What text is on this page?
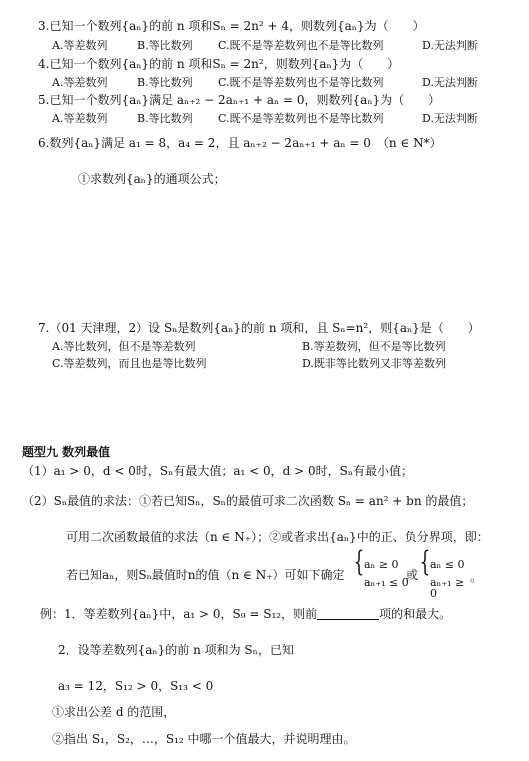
3.已知一个数列{aₙ}的前 n 项和Sₙ = 2n² + 4，则数列{aₙ}为（　　）
A.等差数列	B.等比数列 C.既不是等差数列也不是等比数列	D.无法判断
4.已知一个数列{aₙ}的前 n 项和Sₙ = 2n²，则数列{aₙ}为（　　）
A.等差数列	B.等比数列 C.既不是等差数列也不是等比数列	D.无法判断
5.已知一个数列{aₙ}满足 aₙ₊₂ − 2aₙ₊₁ + aₙ = 0，则数列{aₙ}为（　　）
A.等差数列	B.等比数列 C.既不是等差数列也不是等比数列	D.无法判断
6.数列{aₙ}满足 a₁ = 8，a₄ = 2，且 aₙ₊₂ − 2aₙ₊₁ + aₙ = 0　（n ∈ N*）
①求数列{aₙ}的通项公式；
7.（01 天津理，2）设 Sₙ是数列{aₙ}的前 n 项和，且 Sₙ=n²，则{aₙ}是（　　）
A.等比数列，但不是等差数列	B.等差数列，但不是等比数列
C.等差数列，而且也是等比数列	D.既非等比数列又非等差数列
题型九 数列最值
（1）a₁ > 0，d < 0时，Sₙ有最大值；a₁ < 0，d > 0时，Sₙ有最小值；
（2）Sₙ最值的求法：①若已知Sₙ，Sₙ的最值可求二次函数 Sₙ = an² + bn 的最值；
可用二次函数最值的求法（n ∈ N₊）；②或者求出{aₙ}中的正、负分界项，即：
若已知aₙ，则Sₙ最值时n的值（n ∈ N₊）可如下确定 { aₙ ≥ 0
aₙ₊₁ ≤ 0
或 { aₙ ≤ 0
aₙ₊₁ ≥ 0
。
例：1．等差数列{aₙ}中，a₁ > 0，S₉ = S₁₂，则前	项的和最大。
2．设等差数列{aₙ}的前 n 项和为 Sₙ，已知
a₃ = 12，S₁₂ > 0，S₁₃ < 0
①求出公差 d 的范围，
②指出 S₁，S₂，…，S₁₂ 中哪一个值最大，并说明理由。
